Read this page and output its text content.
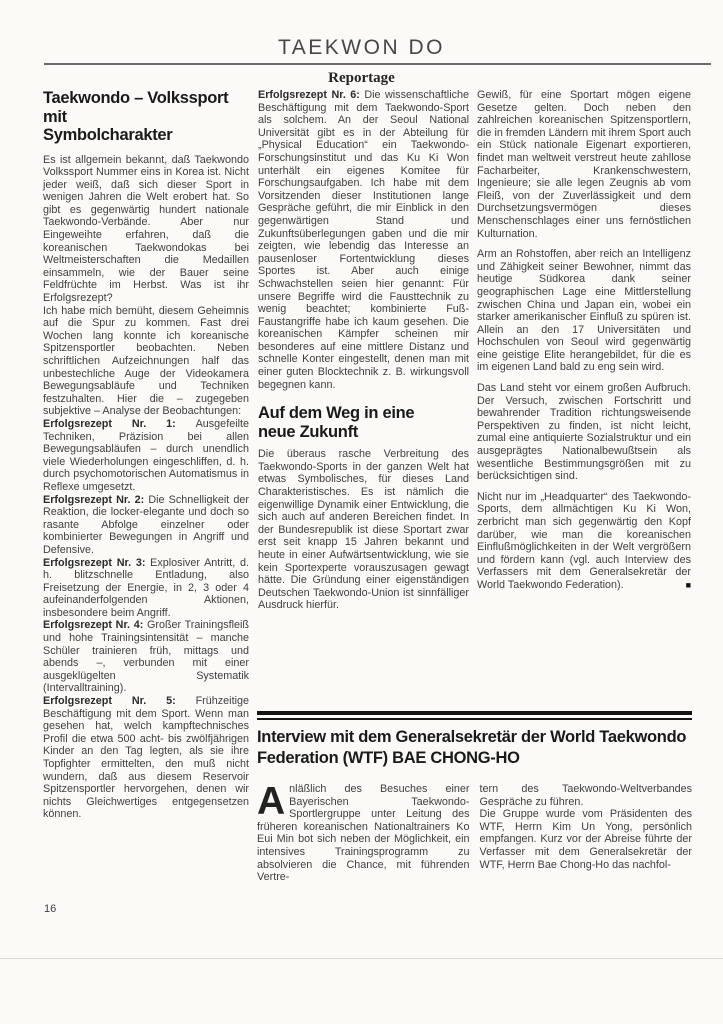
TAEKWON DO
Reportage
Taekwondo – Volkssport mit
Symbolcharakter

Es ist allgemein bekannt, daß Taekwondo Volkssport Nummer eins in Korea ist. Nicht jeder weiß, daß sich dieser Sport in wenigen Jahren die Welt erobert hat. So gibt es gegenwärtig hundert nationale Taekwondo-Verbände. Aber nur Eingeweihte erfahren, daß die koreanischen Taekwondokas bei Weltmeisterschaften die Medaillen einsammeln, wie der Bauer seine Feldfrüchte im Herbst. Was ist ihr Erfolgsrezept?

Ich habe mich bemüht, diesem Geheimnis auf die Spur zu kommen. Fast drei Wochen lang konnte ich koreanische Spitzensportler beobachten. Neben schriftlichen Aufzeichnungen half das unbestechliche Auge der Videokamera Bewegungsabläufe und Techniken festzuhalten. Hier die – zugegeben subjektive – Analyse der Beobachtungen:

Erfolgsrezept Nr. 1: Ausgefeilte Techniken, Präzision bei allen Bewegungsabläufen – durch unendlich viele Wiederholungen eingeschliffen, d. h. durch psychomotorischen Automatismus in Reflexe umgesetzt.

Erfolgsrezept Nr. 2: Die Schnelligkeit der Reaktion, die locker-elegante und doch so rasante Abfolge einzelner oder kombinierter Bewegungen in Angriff und Defensive.

Erfolgsrezept Nr. 3: Explosiver Antritt, d. h. blitzschnelle Entladung, also Freisetzung der Energie, in 2, 3 oder 4 aufeinanderfolgenden Aktionen, insbesondere beim Angriff.

Erfolgsrezept Nr. 4: Großer Trainingsfleiß und hohe Trainingsintensität – manche Schüler trainieren früh, mittags und abends –, verbunden mit einer ausgeklügelten Systematik (Intervalltraining).

Erfolgsrezept Nr. 5: Frühzeitige Beschäftigung mit dem Sport. Wenn man gesehen hat, welch kampftechnisches Profil die etwa 500 acht- bis zwölfjährigen Kinder an den Tag legten, als sie ihre Topfighter ermittelten, den muß nicht wundern, daß aus diesem Reservoir Spitzensportler hervorgehen, denen wir nichts Gleichwertiges entgegensetzen können.

Erfolgsrezept Nr. 6: Die wissenschaftliche Beschäftigung mit dem Taekwondo-Sport als solchem. An der Seoul National Universität gibt es in der Abteilung für „Physical Education“ ein Taekwondo-Forschungsinstitut und das Ku Ki Won unterhält ein eigenes Komitee für Forschungsaufgaben. Ich habe mit dem Vorsitzenden dieser Institutionen lange Gespräche geführt, die mir Einblick in den gegenwärtigen Stand und Zukunftsüberlegungen gaben und die mir zeigten, wie lebendig das Interesse an pausenloser Fortentwicklung dieses Sportes ist. Aber auch einige Schwachstellen seien hier genannt: Für unsere Begriffe wird die Fausttechnik zu wenig beachtet; kombinierte Fuß-Faustangriffe habe ich kaum gesehen. Die koreanischen Kämpfer scheinen mir besonderes auf eine mittlere Distanz und schnelle Konter eingestellt, denen man mit einer guten Blocktechnik z. B. wirkungsvoll begegnen kann.

Auf dem Weg in eine
neue Zukunft

Die überaus rasche Verbreitung des Taekwondo-Sports in der ganzen Welt hat etwas Symbolisches, für dieses Land Charakteristisches. Es ist nämlich die eigenwillige Dynamik einer Entwicklung, die sich auch auf anderen Bereichen findet. In der Bundesrepublik ist diese Sportart zwar erst seit knapp 15 Jahren bekannt und heute in einer Aufwärtsentwicklung, wie sie kein Sportexperte vorauszusagen gewagt hätte. Die Gründung einer eigenständigen Deutschen Taekwondo-Union ist sinnfälliger Ausdruck hierfür.

Gewiß, für eine Sportart mögen eigene Gesetze gelten. Doch neben den zahlreichen koreanischen Spitzensportlern, die in fremden Ländern mit ihrem Sport auch ein Stück nationale Eigenart exportieren, findet man weltweit verstreut heute zahllose Facharbeiter, Krankenschwestern, Ingenieure; sie alle legen Zeugnis ab vom Fleiß, von der Zuverlässigkeit und dem Durchsetzungsvermögen dieses Menschenschlages einer uns fernöstlichen Kulturnation.

Arm an Rohstoffen, aber reich an Intelligenz und Zähigkeit seiner Bewohner, nimmt das heutige Südkorea dank seiner geographischen Lage eine Mittlerstellung zwischen China und Japan ein, wobei ein starker amerikanischer Einfluß zu spüren ist. Allein an den 17 Universitäten und Hochschulen von Seoul wird gegenwärtig eine geistige Elite herangebildet, für die es im eigenen Land bald zu eng sein wird.

Das Land steht vor einem großen Aufbruch. Der Versuch, zwischen Fortschritt und bewahrender Tradition richtungsweisende Perspektiven zu finden, ist nicht leicht, zumal eine antiquierte Sozialstruktur und ein ausgeprägtes Nationalbewußtsein als wesentliche Bestimmungsgrößen mit zu berücksichtigen sind.

Nicht nur im „Headquarter“ des Taekwondo-Sports, dem allmächtigen Ku Ki Won, zerbricht man sich gegenwärtig den Kopf darüber, wie man die koreanischen Einflußmöglichkeiten in der Welt vergrößern und fördern kann (vgl. auch Interview des Verfassers mit dem Generalsekretär der World Taekwondo Federation).	■

Interview mit dem Generalsekretär der World Taekwondo
Federation (WTF) BAE CHONG-HO

Anläßlich des Besuches einer Bayerischen Taekwondo-Sportlergruppe unter Leitung des früheren koreanischen Nationaltrainers Ko Eui Min bot sich neben der Möglichkeit, ein intensives Trainingsprogramm zu absolvieren die Chance, mit führenden Vertre-

tern des Taekwondo-Weltverbandes Gespräche zu führen.

Die Gruppe wurde vom Präsidenten des WTF, Herrn Kim Un Yong, persönlich empfangen. Kurz vor der Abreise führte der Verfasser mit dem Generalsekretär der WTF, Herrn Bae Chong-Ho das nachfol-

16
